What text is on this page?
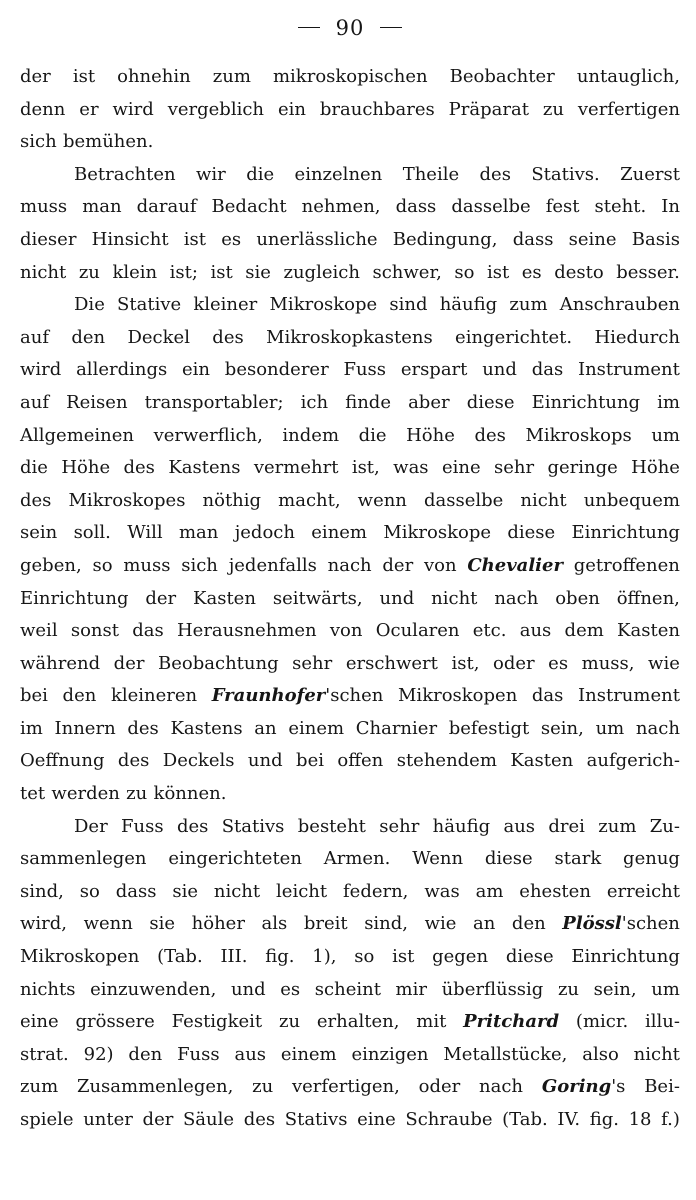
90
der ist ohnehin zum mikroskopischen Beobachter untauglich,
denn er wird vergeblich ein brauchbares Präparat zu verfertigen
sich bemühen.
Betrachten wir die einzelnen Theile des Stativs. Zuerst
muss man darauf Bedacht nehmen, dass dasselbe fest steht. In
dieser Hinsicht ist es unerlässliche Bedingung, dass seine Basis
nicht zu klein ist; ist sie zugleich schwer, so ist es desto besser.
Die Stative kleiner Mikroskope sind häufig zum Anschrauben
auf den Deckel des Mikroskopkastens eingerichtet. Hiedurch
wird allerdings ein besonderer Fuss erspart und das Instrument
auf Reisen transportabler; ich finde aber diese Einrichtung im
Allgemeinen verwerflich, indem die Höhe des Mikroskops um
die Höhe des Kastens vermehrt ist, was eine sehr geringe Höhe
des Mikroskopes nöthig macht, wenn dasselbe nicht unbequem
sein soll. Will man jedoch einem Mikroskope diese Einrichtung
geben, so muss sich jedenfalls nach der von Chevalier getroffenen
Einrichtung der Kasten seitwärts, und nicht nach oben öffnen,
weil sonst das Herausnehmen von Ocularen etc. aus dem Kasten
während der Beobachtung sehr erschwert ist, oder es muss, wie
bei den kleineren Fraunhofer'schen Mikroskopen das Instrument
im Innern des Kastens an einem Charnier befestigt sein, um nach
Oeffnung des Deckels und bei offen stehendem Kasten aufgerich-
tet werden zu können.
Der Fuss des Stativs besteht sehr häufig aus drei zum Zu-
sammenlegen eingerichteten Armen. Wenn diese stark genug
sind, so dass sie nicht leicht federn, was am ehesten erreicht
wird, wenn sie höher als breit sind, wie an den Plössl'schen
Mikroskopen (Tab. III. fig. 1), so ist gegen diese Einrichtung
nichts einzuwenden, und es scheint mir überflüssig zu sein, um
eine grössere Festigkeit zu erhalten, mit Pritchard (micr. illu-
strat. 92) den Fuss aus einem einzigen Metallstücke, also nicht
zum Zusammenlegen, zu verfertigen, oder nach Goring's Bei-
spiele unter der Säule des Stativs eine Schraube (Tab. IV. fig. 18 f.)
